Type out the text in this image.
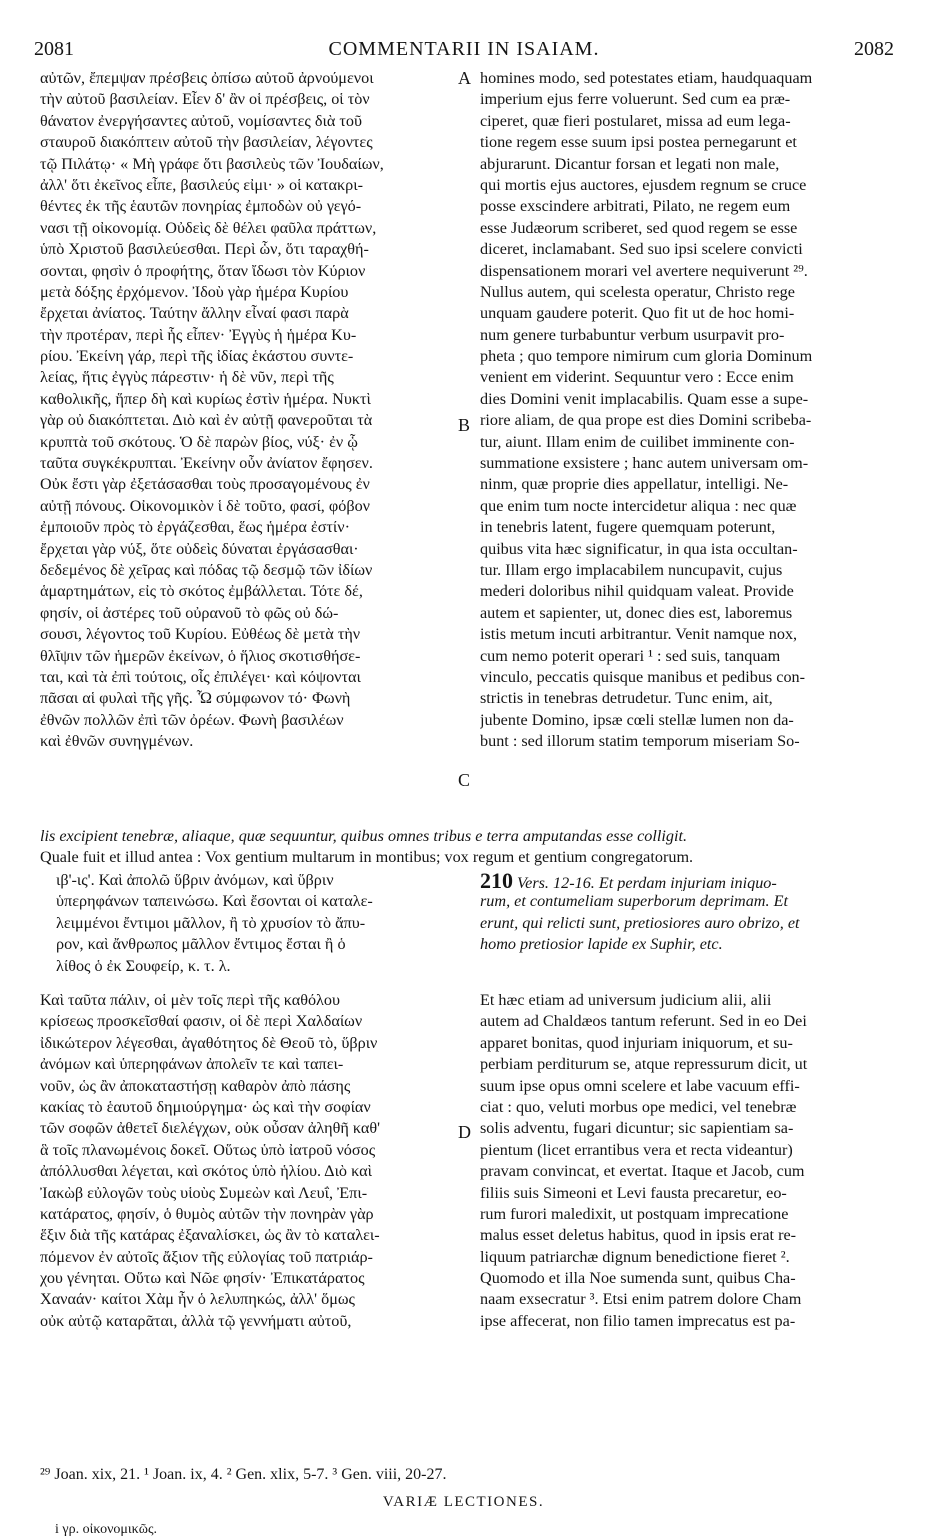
2081	COMMENTARII IN ISAIAM.	2082
αὐτῶν, ἔπεμψαν πρέσβεις ὀπίσω αὐτοῦ ἀρνούμενοι
τὴν αὐτοῦ βασιλείαν. Εἶεν δ' ἂν οἱ πρέσβεις, οἱ τὸν
θάνατον ἐνεργήσαντες αὐτοῦ, νομίσαντες διὰ τοῦ
σταυροῦ διακόπτειν αὐτοῦ τὴν βασιλείαν, λέγοντες
τῷ Πιλάτῳ· « Μὴ γράφε ὅτι βασιλεὺς τῶν Ἰουδαίων,
ἀλλ' ὅτι ἐκεῖνος εἶπε, βασιλεύς εἰμι· » οἱ κατακρι-
θέντες ἐκ τῆς ἑαυτῶν πονηρίας ἐμποδὼν οὐ γεγό-
νασι τῇ οἰκονομίᾳ. Οὐδεὶς δὲ θέλει φαῦλα πράττων,
ὑπὸ Χριστοῦ βασιλεύεσθαι. Περὶ ὧν, ὅτι ταραχθή-
σονται, φησὶν ὁ προφήτης, ὅταν ἴδωσι τὸν Κύριον
μετὰ δόξης ἐρχόμενον. Ἰδοὺ γὰρ ἡμέρα Κυρίου
ἔρχεται ἀνίατος. Ταύτην ἄλλην εἶναί φασι παρὰ
τὴν προτέραν, περὶ ἧς εἶπεν· Ἐγγὺς ἡ ἡμέρα Κυ-
ρίου. Ἐκείνη γάρ, περὶ τῆς ἰδίας ἑκάστου συντε-
λείας, ἥτις ἐγγὺς πάρεστιν· ἡ δὲ νῦν, περὶ τῆς
καθολικῆς, ἥπερ δὴ καὶ κυρίως ἐστὶν ἡμέρα. Νυκτὶ
γὰρ οὐ διακόπτεται. Διὸ καὶ ἐν αὐτῇ φανεροῦται τὰ
κρυπτὰ τοῦ σκότους. Ὁ δὲ παρὼν βίος, νύξ· ἐν ᾧ
ταῦτα συγκέκρυπται. Ἐκείνην οὖν ἀνίατον ἔφησεν.
Οὐκ ἔστι γὰρ ἐξετάσασθαι τοὺς προσαγομένους ἐν
αὐτῇ πόνους. Οἰκονομικὸν ἱ δὲ τοῦτο, φασί, φόβον
ἐμποιοῦν πρὸς τὸ ἐργάζεσθαι, ἕως ἡμέρα ἐστίν·
ἔρχεται γὰρ νύξ, ὅτε οὐδεὶς δύναται ἐργάσασθαι·
δεδεμένος δὲ χεῖρας καὶ πόδας τῷ δεσμῷ τῶν ἰδίων
ἁμαρτημάτων, εἰς τὸ σκότος ἐμβάλλεται. Τότε δέ,
φησίν, οἱ ἀστέρες τοῦ οὐρανοῦ τὸ φῶς οὐ δώ-
σουσι, λέγοντος τοῦ Κυρίου. Εὐθέως δὲ μετὰ τὴν
θλῖψιν τῶν ἡμερῶν ἐκείνων, ὁ ἥλιος σκοτισθήσε-
ται, καὶ τὰ ἐπὶ τούτοις, οἷς ἐπιλέγει· καὶ κόψονται
πᾶσαι αἱ φυλαὶ τῆς γῆς. Ὧ σύμφωνον τό· Φωνὴ
ἐθνῶν πολλῶν ἐπὶ τῶν ὀρέων. Φωνὴ βασιλέων
καὶ ἐθνῶν συνηγμένων.
homines modo, sed potestates etiam, haudquaquam
imperium ejus ferre voluerunt. Sed cum ea præ-
ciperet, quæ fieri postularet, missa ad eum lega-
tione regem esse suum ipsi postea pernegarunt et
abjurarunt. Dicantur forsan et legati non male,
qui mortis ejus auctores, ejusdem regnum se cruce
posse exscindere arbitrati, Pilato, ne regem eum
esse Judæorum scriberet, sed quod regem se esse
diceret, inclamabant. Sed suo ipsi scelere convicti
dispensationem morari vel avertere nequiverunt ²⁹.
Nullus autem, qui scelesta operatur, Christo rege
unquam gaudere poterit. Quo fit ut de hoc homi-
num genere turbabuntur verbum usurpavit pro-
pheta ; quo tempore nimirum cum gloria Dominum
venient em viderint. Sequuntur vero : Ecce enim
dies Domini venit implacabilis. Quam esse a supe-
riore aliam, de qua prope est dies Domini scribeba-
tur, aiunt. Illam enim de cuilibet imminente con-
summatione exsistere ; hanc autem universam om-
ninm, quæ proprie dies appellatur, intelligi. Ne-
que enim tum nocte intercidetur aliqua : nec quæ
in tenebris latent, fugere quemquam poterunt,
quibus vita hæc significatur, in qua ista occultan-
tur. Illam ergo implacabilem nuncupavit, cujus
mederi doloribus nihil quidquam valeat. Provide
autem et sapienter, ut, donec dies est, laboremus
istis metum incuti arbitrantur. Venit namque nox,
cum nemo poterit operari ¹ : sed suis, tanquam
vinculo, peccatis quisque manibus et pedibus con-
strictis in tenebras detrudetur. Tunc enim, ait,
jubente Domino, ipsæ cœli stellæ lumen non da-
bunt : sed illorum statim temporum miseriam So-
A
B
C
D
lis excipient tenebræ, aliaque, quæ sequuntur, quibus omnes tribus e terra amputandas esse colligit.
Quale fuit et illud antea : Vox gentium multarum in montibus; vox regum et gentium congregatorum.
ιβ'-ις'. Καὶ ἀπολῶ ὕβριν ἀνόμων, καὶ ὕβριν
ὑπερηφάνων ταπεινώσω. Καὶ ἔσονται οἱ καταλε-
λειμμένοι ἔντιμοι μᾶλλον, ἢ τὸ χρυσίον τὸ ἄπυ-
ρον, καὶ ἄνθρωπος μᾶλλον ἔντιμος ἔσται ἢ ὁ
λίθος ὁ ἐκ Σουφείρ, κ. τ. λ.
210 Vers. 12-16. Et perdam injuriam iniquo-
rum, et contumeliam superborum deprimam. Et
erunt, qui relicti sunt, pretiosiores auro obrizo, et
homo pretiosior lapide ex Suphir, etc.
Καὶ ταῦτα πάλιν, οἱ μὲν τοῖς περὶ τῆς καθόλου
κρίσεως προσκεῖσθαί φασιν, οἱ δὲ περὶ Χαλδαίων
ἰδικώτερον λέγεσθαι, ἀγαθότητος δὲ Θεοῦ τὸ, ὕβριν
ἀνόμων καὶ ὑπερηφάνων ἀπολεῖν τε καὶ ταπει-
νοῦν, ὡς ἂν ἀποκαταστήσῃ καθαρὸν ἀπὸ πάσης
κακίας τὸ ἑαυτοῦ δημιούργημα· ὡς καὶ τὴν σοφίαν
τῶν σοφῶν ἀθετεῖ διελέγχων, οὐκ οὖσαν ἀληθῆ καθ'
ἃ τοῖς πλανωμένοις δοκεῖ. Οὕτως ὑπὸ ἰατροῦ νόσος
ἀπόλλυσθαι λέγεται, καὶ σκότος ὑπὸ ἡλίου. Διὸ καὶ
Ἰακὼβ εὐλογῶν τοὺς υἱοὺς Συμεὼν καὶ Λευΐ, Ἐπι-
κατάρατος, φησίν, ὁ θυμὸς αὐτῶν τὴν πονηρὰν γὰρ
ἕξιν διὰ τῆς κατάρας ἐξαναλίσκει, ὡς ἂν τὸ καταλει-
πόμενον ἐν αὐτοῖς ἄξιον τῆς εὐλογίας τοῦ πατριάρ-
χου γένηται. Οὕτω καὶ Νῶε φησίν· Ἐπικατάρατος
Χαναάν· καίτοι Χὰμ ἦν ὁ λελυπηκώς, ἀλλ' ὅμως
οὐκ αὐτῷ καταρᾶται, ἀλλὰ τῷ γεννήματι αὐτοῦ,
Et hæc etiam ad universum judicium alii, alii
autem ad Chaldæos tantum referunt. Sed in eo Dei
apparet bonitas, quod injuriam iniquorum, et su-
perbiam perditurum se, atque repressurum dicit, ut
suum ipse opus omni scelere et labe vacuum effi-
ciat : quo, veluti morbus ope medici, vel tenebræ
solis adventu, fugari dicuntur; sic sapientiam sa-
pientum (licet errantibus vera et recta videantur)
pravam convincat, et evertat. Itaque et Jacob, cum
filiis suis Simeoni et Levi fausta precaretur, eo-
rum furori maledixit, ut postquam imprecatione
malus esset deletus habitus, quod in ipsis erat re-
liquum patriarchæ dignum benedictione fieret ².
Quomodo et illa Noe sumenda sunt, quibus Cha-
naam exsecratur ³. Etsi enim patrem dolore Cham
ipse affecerat, non filio tamen imprecatus est pa-
²⁹ Joan. xix, 21. ¹ Joan. ix, 4. ² Gen. xlix, 5-7. ³ Gen. viii, 20-27.
VARIÆ LECTIONES.
i γρ. οἰκονομικῶς.
